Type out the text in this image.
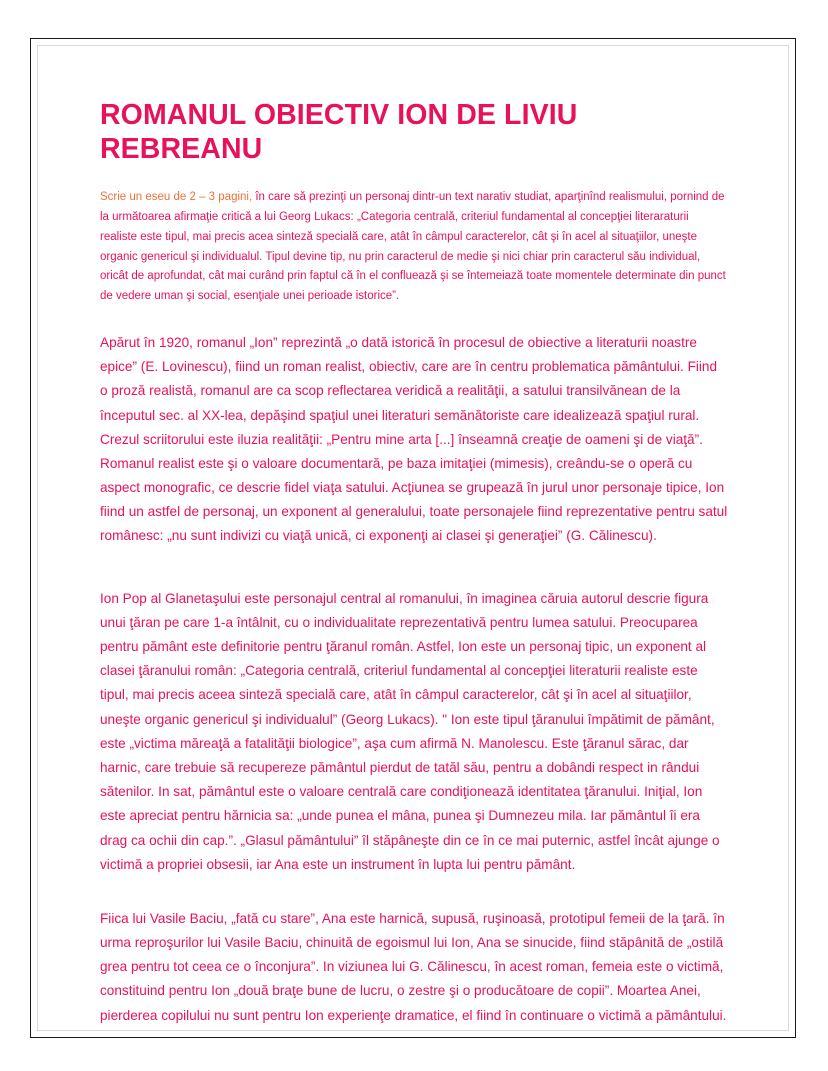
ROMANUL OBIECTIV ION DE LIVIU REBREANU

Scrie un eseu de 2 – 3 pagini, în care să prezinţi un personaj dintr-un text narativ studiat, aparţinînd realismului, pornind de la următoarea afirmaţie critică a lui Georg Lukacs: „Categoria centrală, criteriul fundamental al concepţiei literaraturii realiste este tipul, mai precis acea sinteză specială care, atât în câmpul caracterelor, cât şi în acel al situaţiilor, uneşte organic genericul şi individualul. Tipul devine tip, nu prin caracterul de medie şi nici chiar prin caracterul său individual, oricât de aprofundat, cât mai curând prin faptul că în el confluează şi se întemeiază toate momentele determinate din punct de vedere uman şi social, esenţiale unei perioade istorice”.

Apărut în 1920, romanul „Ion” reprezintă „o dată istorică în procesul de obiective a literaturii noastre epice” (E. Lovinescu), fiind un roman realist, obiectiv, care are în centru problematica pământului. Fiind o proză realistă, romanul are ca scop reflectarea veridică a realităţii, a satului transilvănean de la începutul sec. al XX-lea, depăşind spaţiul unei literaturi semănătoriste care idealizează spaţiul rural. Crezul scriitorului este iluzia realităţii: „Pentru mine arta [...] înseamnă creaţie de oameni şi de viaţă”. Romanul realist este şi o valoare documentară, pe baza imitaţiei (mimesis), creându-se o operă cu aspect monografic, ce descrie fidel viaţa satului. Acţiunea se grupează în jurul unor personaje tipice, Ion fiind un astfel de personaj, un exponent al generalului, toate personajele fiind reprezentative pentru satul românesc: „nu sunt indivizi cu viaţă unică, ci exponenţi ai clasei şi generaţiei” (G. Călinescu).

Ion Pop al Glanetaşului este personajul central al romanului, în imaginea căruia autorul descrie figura unui ţăran pe care 1-a întâlnit, cu o individualitate reprezentativă pentru lumea satului. Preocuparea pentru pământ este definitorie pentru ţăranul român. Astfel, Ion este un personaj tipic, un exponent al clasei ţăranului român: „Categoria centrală, criteriul fundamental al concepţiei literaturii realiste este tipul, mai precis aceea sinteză specială care, atât în câmpul caracterelor, cât şi în acel al situaţiilor, uneşte organic genericul şi individualul” (Georg Lukacs). " Ion este tipul ţăranului împătimit de pământ, este „victima măreaţă a fatalităţii biologice”, aşa cum afirmă N. Manolescu. Este ţăranul sărac, dar harnic, care trebuie să recupereze pământul pierdut de tatăl său, pentru a dobândi respect in rândui sătenilor. In sat, pământul este o valoare centrală care condiţionează identitatea ţăranului. Iniţial, Ion este apreciat pentru hărnicia sa: „unde punea el mâna, punea şi Dumnezeu mila. Iar pământul îi era drag ca ochii din cap.”. „Glasul pământului” îl stăpâneşte din ce în ce mai puternic, astfel încât ajunge o victimă a propriei obsesii, iar Ana este un instrument în lupta lui pentru pământ.

Fiica lui Vasile Baciu, „fată cu stare”, Ana este harnică, supusă, ruşinoasă, prototipul femeii de la ţară. în urma reproşurilor lui Vasile Baciu, chinuită de egoismul lui Ion, Ana se sinucide, fiind stăpânită de „ostilă grea pentru tot ceea ce o înconjura”. In viziunea lui G. Călinescu, în acest roman, femeia este o victimă, constituind pentru Ion „două braţe bune de lucru, o zestre şi o producătoare de copii”. Moartea Anei, pierderea copilului nu sunt pentru Ion experienţe dramatice, el fiind în continuare o victimă a pământului.
